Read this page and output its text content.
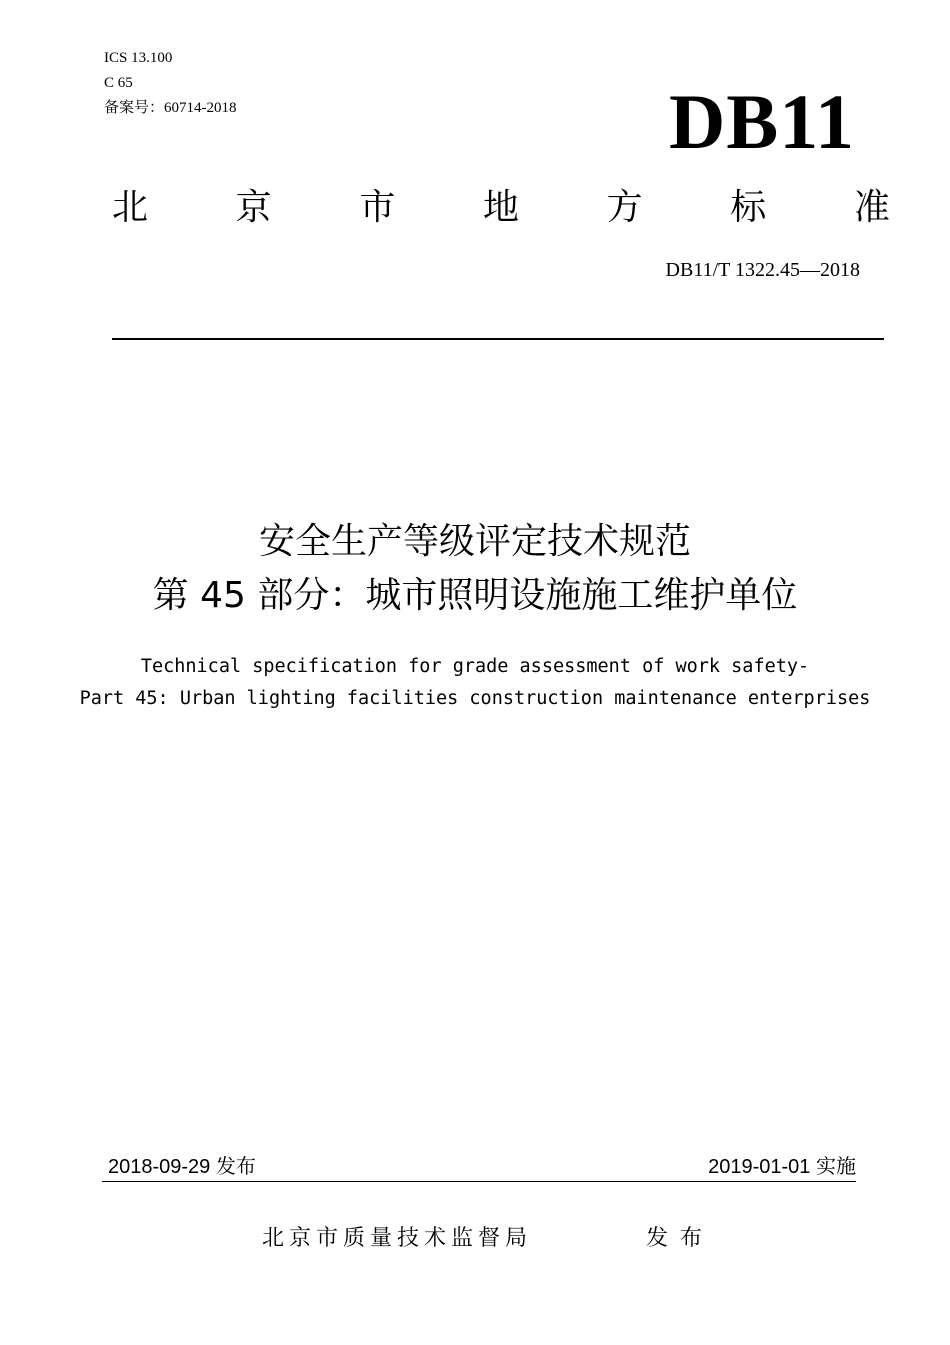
ICS 13.100
C 65
备案号：60714-2018	DB11
北 京 市 地 方 标 准
DB11/T 1322.45—2018
安全生产等级评定技术规范
第 45 部分：城市照明设施施工维护单位
Technical specification for grade assessment of work safety-
Part 45: Urban lighting facilities construction maintenance enterprises
2018-09-29 发布	2019-01-01 实施
北京市质量技术监督局	发布
